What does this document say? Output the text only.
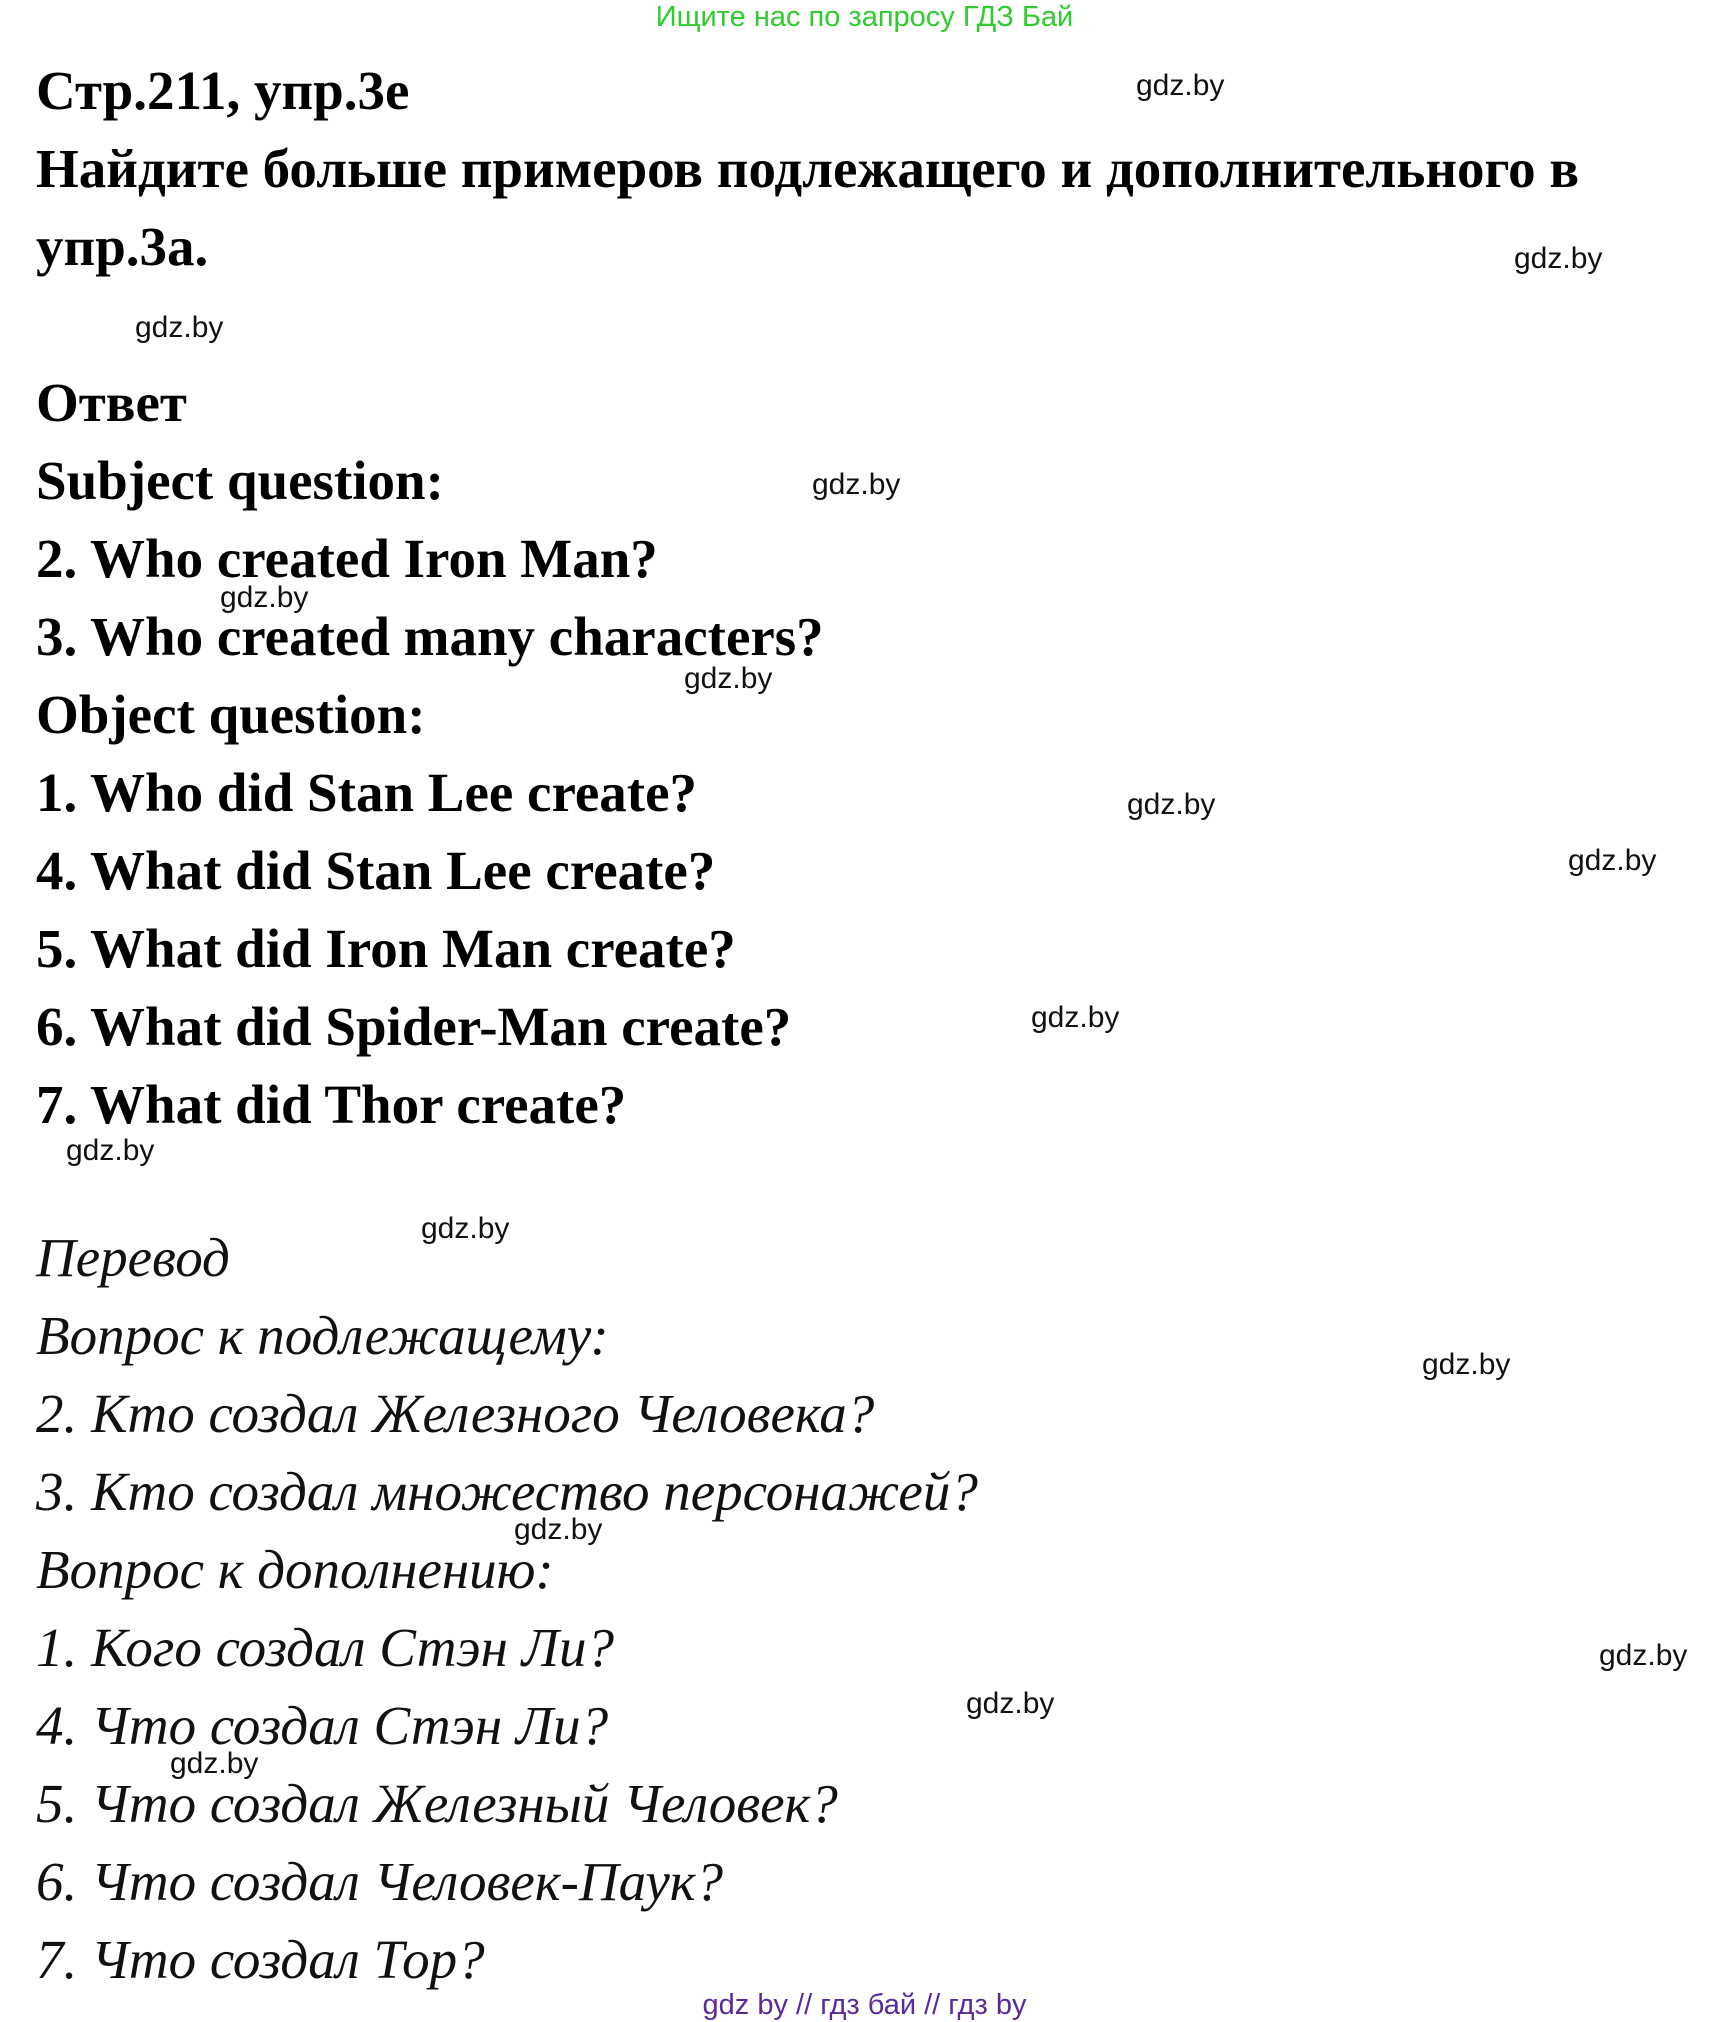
Ищите нас по запросу ГДЗ Бай
Стр.211, упр.3е
Найдите больше примеров подлежащего и дополнительного в
упр.3а.
Ответ
Subject question:
2. Who created Iron Man?
3. Who created many characters?
Object question:
1. Who did Stan Lee create?
4. What did Stan Lee create?
5. What did Iron Man create?
6. What did Spider-Man create?
7. What did Thor create?
Перевод
Вопрос к подлежащему:
2. Кто создал Железного Человека?
3. Кто создал множество персонажей?
Вопрос к дополнению:
1. Кого создал Стэн Ли?
4. Что создал Стэн Ли?
5. Что создал Железный Человек?
6. Что создал Человек-Паук?
7. Что создал Тор?
gdz.by
gdz.by
gdz.by
gdz.by
gdz.by
gdz.by
gdz.by
gdz.by
gdz.by
gdz.by
gdz.by
gdz.by
gdz.by
gdz.by
gdz.by
gdz.by
gdz by // гдз бай // гдз by
